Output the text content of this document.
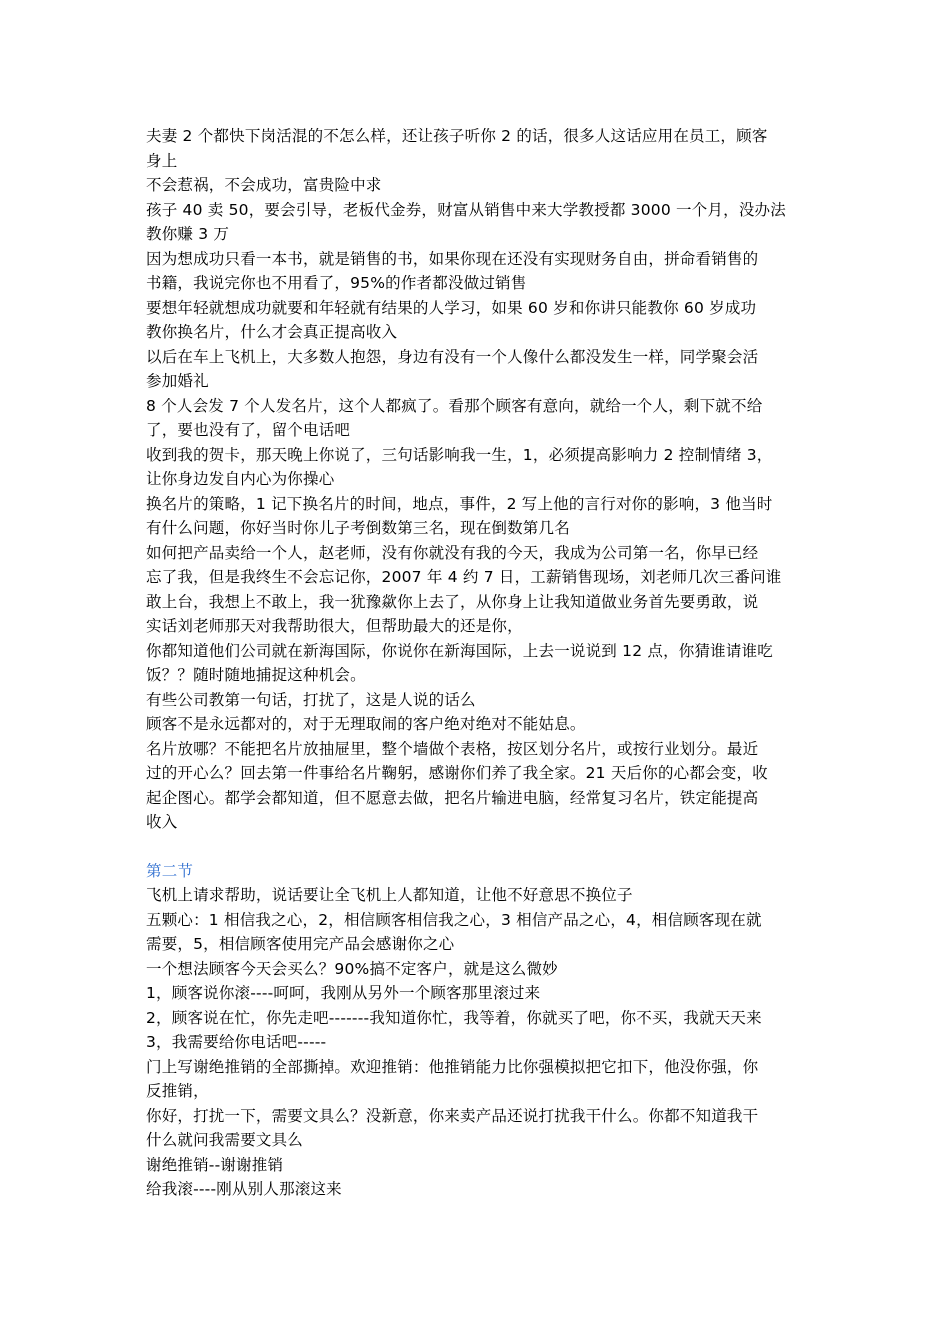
夫妻 2 个都快下岗活混的不怎么样，还让孩子听你 2 的话，很多人这话应用在员工，顾客
身上
不会惹祸，不会成功，富贵险中求
孩子 40 卖 50，要会引导，老板代金券，财富从销售中来大学教授都 3000 一个月，没办法
教你赚 3 万
因为想成功只看一本书，就是销售的书，如果你现在还没有实现财务自由，拼命看销售的
书籍，我说完你也不用看了，95%的作者都没做过销售
要想年轻就想成功就要和年轻就有结果的人学习，如果 60 岁和你讲只能教你 60 岁成功
教你换名片，什么才会真正提高收入
以后在车上飞机上，大多数人抱怨，身边有没有一个人像什么都没发生一样，同学聚会活
参加婚礼
8 个人会发 7 个人发名片，这个人都疯了。看那个顾客有意向，就给一个人，剩下就不给
了，要也没有了，留个电话吧
收到我的贺卡，那天晚上你说了，三句话影响我一生，1，必须提高影响力 2 控制情绪 3，
让你身边发自内心为你操心
换名片的策略，1 记下换名片的时间，地点，事件，2 写上他的言行对你的影响，3 他当时
有什么问题，你好当时你儿子考倒数第三名，现在倒数第几名
如何把产品卖给一个人，赵老师，没有你就没有我的今天，我成为公司第一名，你早已经
忘了我，但是我终生不会忘记你，2007 年 4 约 7 日，工薪销售现场，刘老师几次三番问谁
敢上台，我想上不敢上，我一犹豫歘你上去了，从你身上让我知道做业务首先要勇敢，说
实话刘老师那天对我帮助很大，但帮助最大的还是你，
你都知道他们公司就在新海国际，你说你在新海国际，上去一说说到 12 点，你猜谁请谁吃
饭？？随时随地捕捉这种机会。
有些公司教第一句话，打扰了，这是人说的话么
顾客不是永远都对的，对于无理取闹的客户绝对绝对不能姑息。
名片放哪？不能把名片放抽屉里，整个墙做个表格，按区划分名片，或按行业划分。最近
过的开心么？回去第一件事给名片鞠躬，感谢你们养了我全家。21 天后你的心都会变，收
起企图心。都学会都知道，但不愿意去做，把名片输进电脑，经常复习名片，铁定能提高
收入
第二节
飞机上请求帮助，说话要让全飞机上人都知道，让他不好意思不换位子
五颗心：1 相信我之心，2，相信顾客相信我之心，3 相信产品之心，4，相信顾客现在就
需要，5，相信顾客使用完产品会感谢你之心
一个想法顾客今天会买么？90%搞不定客户，就是这么微妙
1，顾客说你滚----呵呵，我刚从另外一个顾客那里滚过来
2，顾客说在忙，你先走吧-------我知道你忙，我等着，你就买了吧，你不买，我就天天来
3，我需要给你电话吧-----
门上写谢绝推销的全部撕掉。欢迎推销：他推销能力比你强模拟把它扣下，他没你强，你
反推销，
你好，打扰一下，需要文具么？没新意，你来卖产品还说打扰我干什么。你都不知道我干
什么就问我需要文具么
谢绝推销--谢谢推销
给我滚----刚从别人那滚这来
